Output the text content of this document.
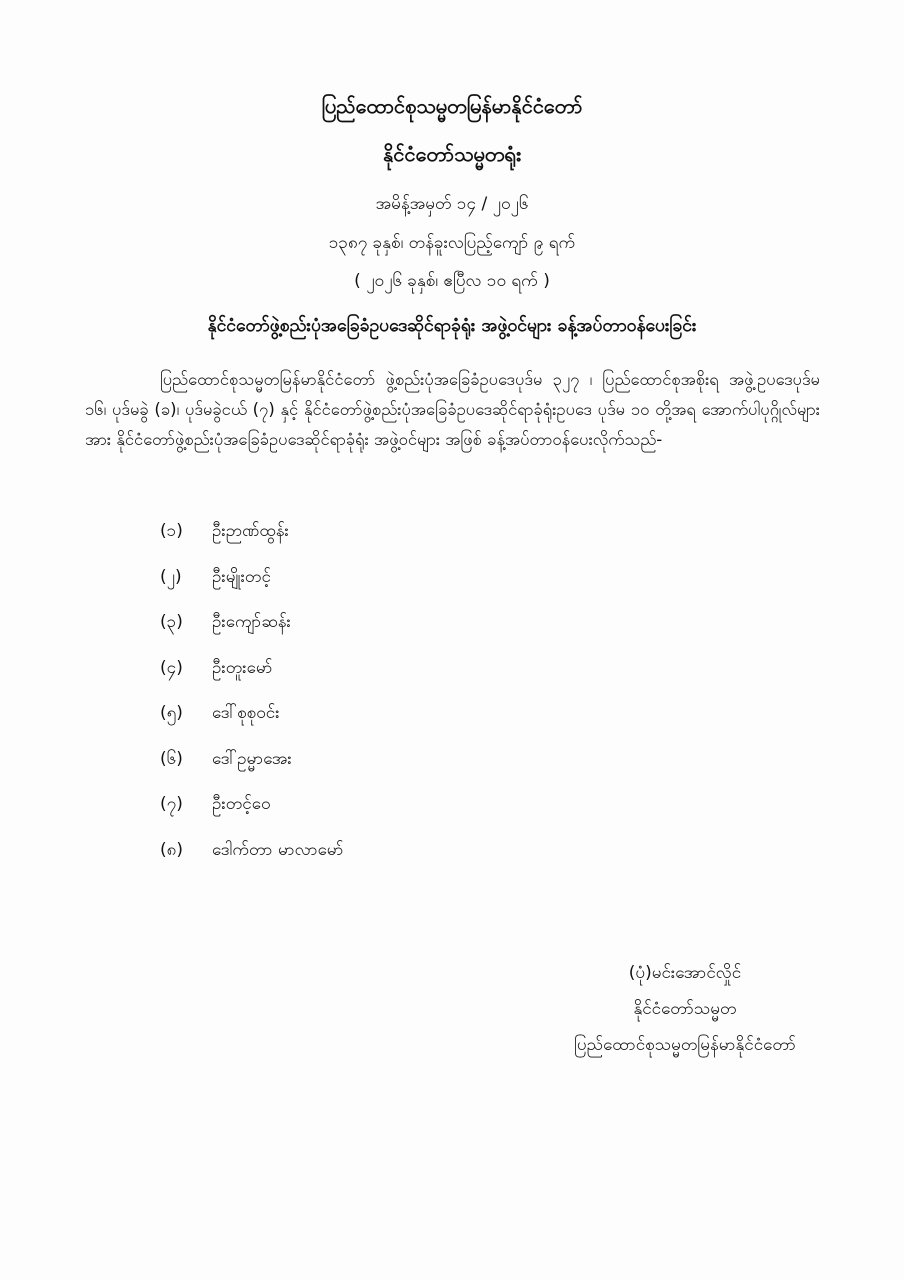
ပြည်ထောင်စုသမ္မတမြန်မာနိုင်ငံတော်
နိုင်ငံတော်သမ္မတရုံး
အမိန့်အမှတ် ၁၄ / ၂၀၂၆
၁၃၈၇ ခုနှစ်၊ တန်ခူးလပြည့်ကျော် ၉ ရက်
( ၂၀၂၆ ခုနှစ်၊ ဧပြီလ ၁၀ ရက် )
နိုင်ငံတော်ဖွဲ့စည်းပုံအခြေခံဥပဒေဆိုင်ရာခုံရုံး အဖွဲ့ဝင်များ ခန့်အပ်တာဝန်ပေးခြင်း
ပြည်ထောင်စုသမ္မတမြန်မာနိုင်ငံတော် ဖွဲ့စည်းပုံအခြေခံဥပဒေပုဒ်မ ၃၂၇ ၊ ပြည်ထောင်စုအစိုးရ အဖွဲ့ဥပဒေပုဒ်မ ၁၆၊ ပုဒ်မခွဲ (ခ)၊ ပုဒ်မခွဲငယ် (၇) နှင့် နိုင်ငံတော်ဖွဲ့စည်းပုံအခြေခံဥပဒေဆိုင်ရာခုံရုံးဥပဒေ ပုဒ်မ ၁၀ တို့အရ အောက်ပါပုဂ္ဂိုလ်များအား နိုင်ငံတော်ဖွဲ့စည်းပုံအခြေခံဥပဒေဆိုင်ရာခုံရုံး အဖွဲ့ဝင်များ အဖြစ် ခန့်အပ်တာဝန်ပေးလိုက်သည်-
(၁)	ဦးဉာဏ်ထွန်း
(၂)	ဦးမျိုးတင့်
(၃)	ဦးကျော်ဆန်း
(၄)	ဦးတူးမော်
(၅)	ဒေါ်စုစုဝင်း
(၆)	ဒေါ်ဥမ္မာအေး
(၇)	ဦးတင့်ဝေ
(၈)	ဒေါက်တာ မာလာမော်
(ပုံ)မင်းအောင်လှိုင်
နိုင်ငံတော်သမ္မတ
ပြည်ထောင်စုသမ္မတမြန်မာနိုင်ငံတော်
